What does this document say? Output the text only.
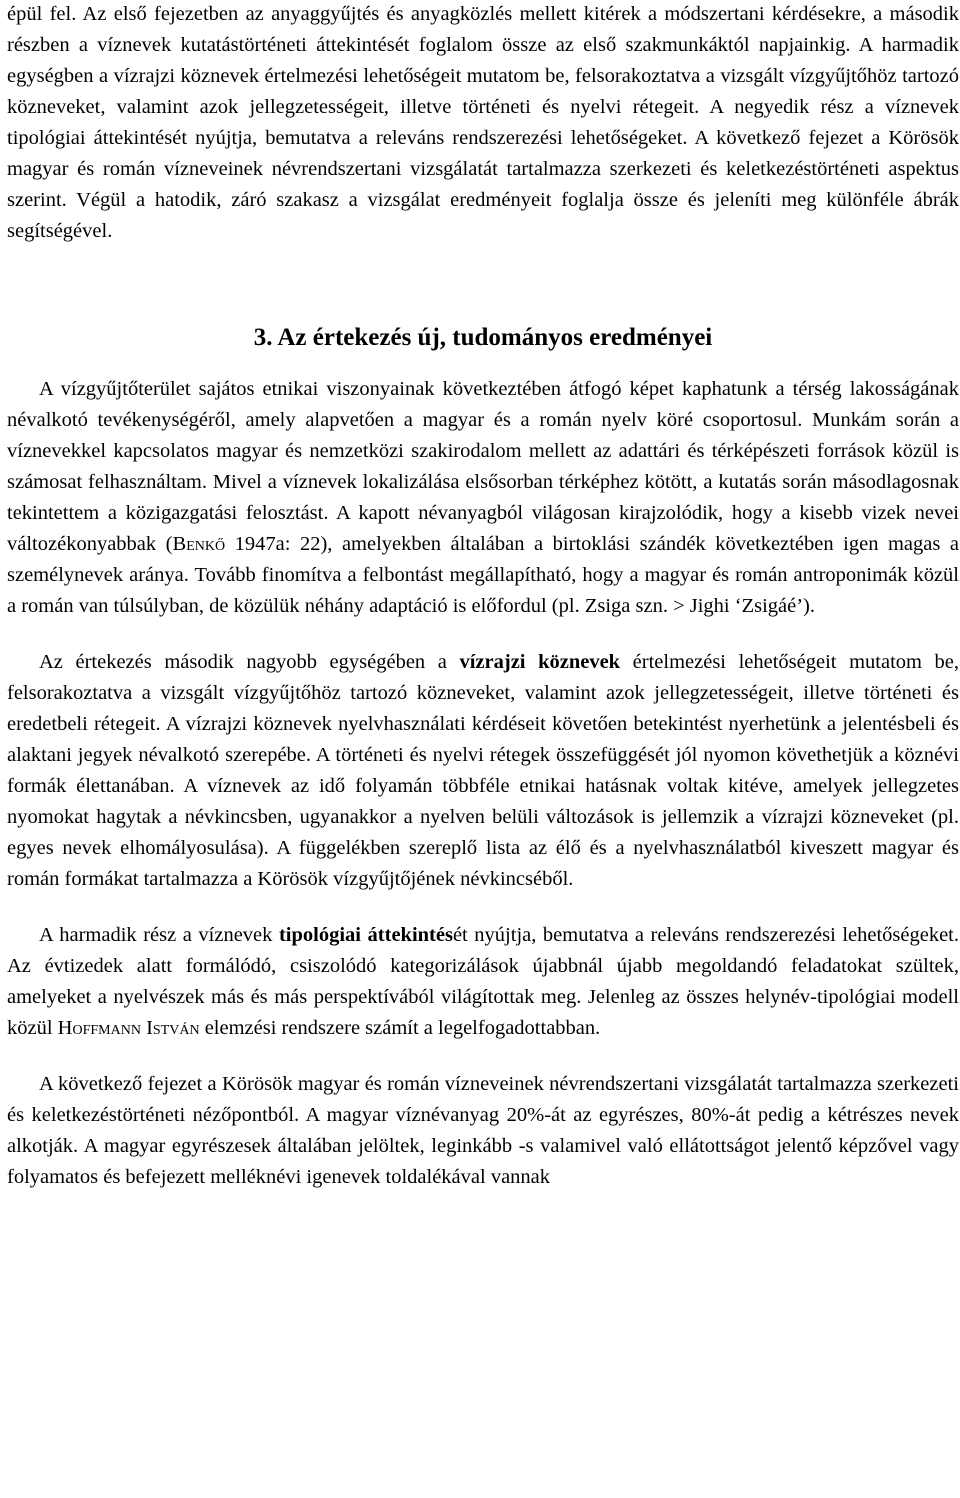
épül fel. Az első fejezetben az anyaggyűjtés és anyagközlés mellett kitérek a módszertani kérdésekre, a második részben a víznevek kutatástörténeti áttekintését foglalom össze az első szakmunkáktól napjainkig. A harmadik egységben a vízrajzi köznevek értelmezési lehetőségeit mutatom be, felsorakoztatva a vizsgált vízgyűjtőhöz tartozó közneveket, valamint azok jellegzetességeit, illetve történeti és nyelvi rétegeit. A negyedik rész a víznevek tipológiai áttekintését nyújtja, bemutatva a releváns rendszerezési lehetőségeket. A következő fejezet a Körösök magyar és román vízneveinek névrendszertani vizsgálatát tartalmazza szerkezeti és keletkezéstörténeti aspektus szerint. Végül a hatodik, záró szakasz a vizsgálat eredményeit foglalja össze és jeleníti meg különféle ábrák segítségével.

3. Az értekezés új, tudományos eredményei

A vízgyűjtőterület sajátos etnikai viszonyainak következtében átfogó képet kaphatunk a térség lakosságának névalkotó tevékenységéről, amely alapvetően a magyar és a román nyelv köré csoportosul. Munkám során a víznevekkel kapcsolatos magyar és nemzetközi szakirodalom mellett az adattári és térképészeti források közül is számosat felhasználtam. Mivel a víznevek lokalizálása elsősorban térképhez kötött, a kutatás során másodlagosnak tekintettem a közigazgatási felosztást. A kapott névanyagból világosan kirajzolódik, hogy a kisebb vizek nevei változékonyabbak (Benkő 1947a: 22), amelyekben általában a birtoklási szándék következtében igen magas a személynevek aránya. Tovább finomítva a felbontást megállapítható, hogy a magyar és román antroponimák közül a román van túlsúlyban, de közülük néhány adaptáció is előfordul (pl. Zsiga szn. > Jighi ‘Zsigáé’).

Az értekezés második nagyobb egységében a vízrajzi köznevek értelmezési lehetőségeit mutatom be, felsorakoztatva a vizsgált vízgyűjtőhöz tartozó közneveket, valamint azok jellegzetességeit, illetve történeti és eredetbeli rétegeit. A vízrajzi köznevek nyelvhasználati kérdéseit követően betekintést nyerhetünk a jelentésbeli és alaktani jegyek névalkotó szerepébe. A történeti és nyelvi rétegek összefüggését jól nyomon követhetjük a köznévi formák élettanában. A víznevek az idő folyamán többféle etnikai hatásnak voltak kitéve, amelyek jellegzetes nyomokat hagytak a névkincsben, ugyanakkor a nyelven belüli változások is jellemzik a vízrajzi közneveket (pl. egyes nevek elhomályosulása). A függelékben szereplő lista az élő és a nyelvhasználatból kiveszett magyar és román formákat tartalmazza a Körösök vízgyűjtőjének névkincséből.

A harmadik rész a víznevek tipológiai áttekintését nyújtja, bemutatva a releváns rendszerezési lehetőségeket. Az évtizedek alatt formálódó, csiszolódó kategorizálások újabbnál újabb megoldandó feladatokat szültek, amelyeket a nyelvészek más és más perspektívából világítottak meg. Jelenleg az összes helynév-tipológiai modell közül Hoffmann István elemzési rendszere számít a legelfogadottabban.

A következő fejezet a Körösök magyar és román vízneveinek névrendszertani vizsgálatát tartalmazza szerkezeti és keletkezéstörténeti nézőpontból. A magyar víznévanyag 20%-át az egyrészes, 80%-át pedig a kétrészes nevek alkotják. A magyar egyrészesek általában jelöltek, leginkább -s valamivel való ellátottságot jelentő képzővel vagy folyamatos és befejezett melléknévi igenevek toldalékával vannak
